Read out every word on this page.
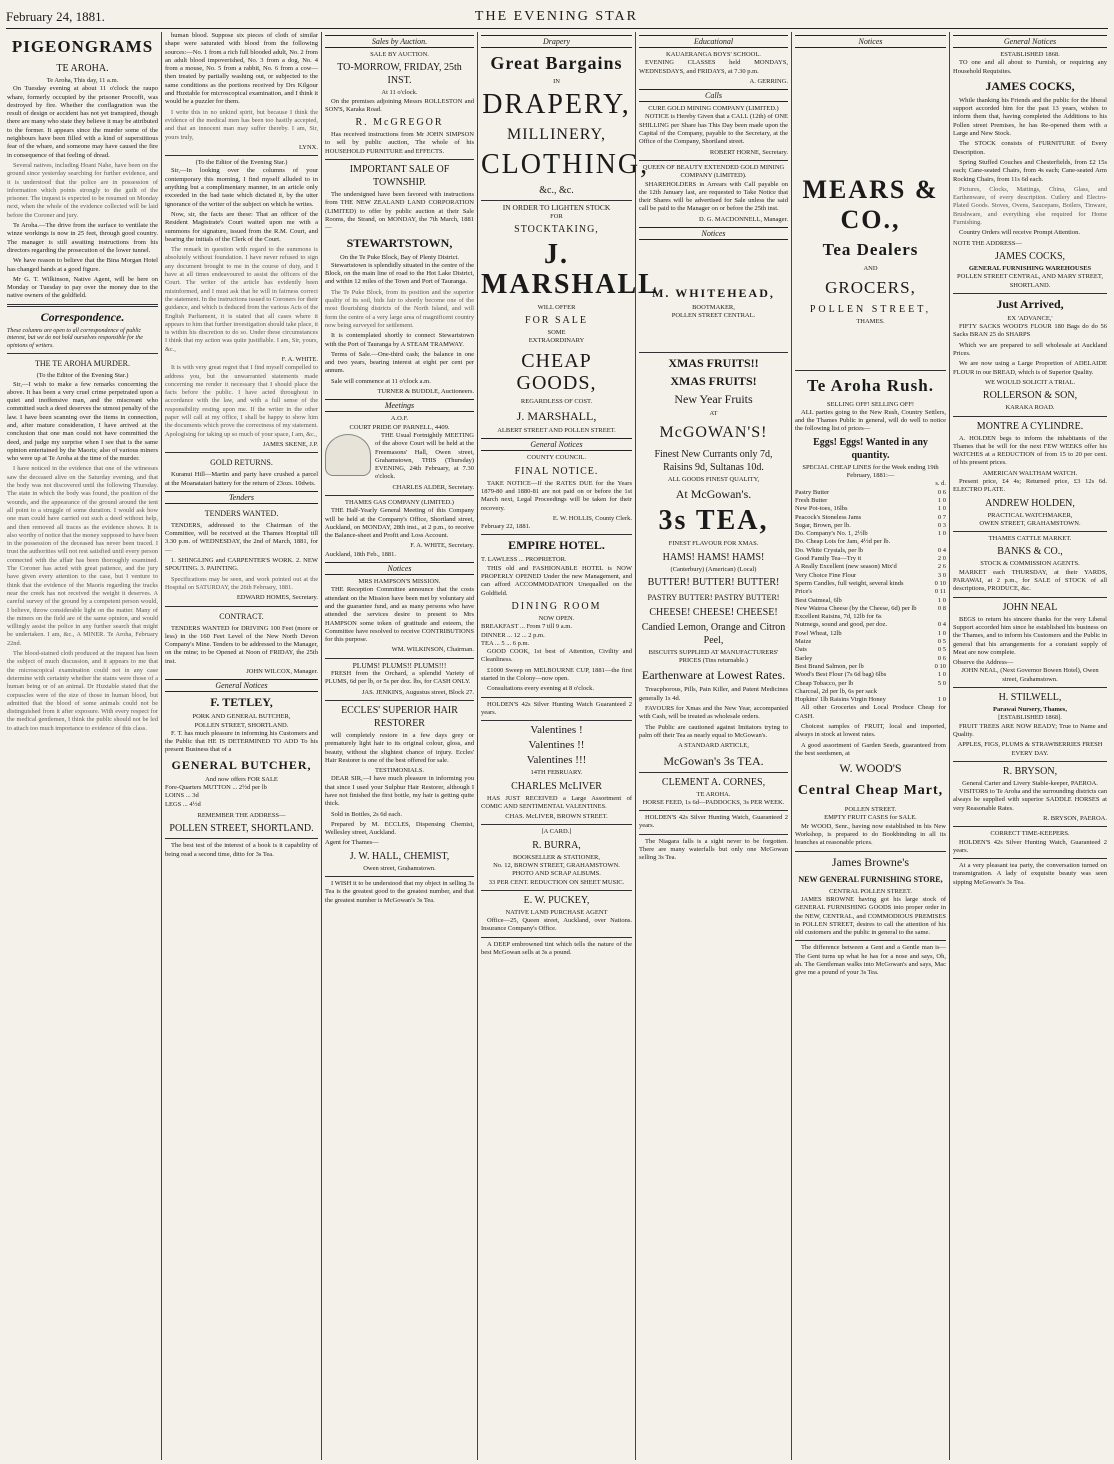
February 24, 1881.	THE EVENING STAR
PIGEONGRAMS
TE AROHA.
Te Aroha, This day, 11 a.m.

On Tuesday evening at about 11 o'clock the raupo whare, formerly occupied by the prisoner Procoffi, was destroyed by fire. Whether the conflagration was the result of design or accident has not yet transpired, though there are many who state they believe it may be attributed to the former. It appears since the murder some of the neighbours have been filled with a kind of superstitious fear of the whare, and someone may have caused the fire in consequence of that feeling of dread.

Several natives, including Hoani Nahe, have been on the ground since yesterday searching for further evidence, and it is understood that the police are in possession of information which points strongly to the guilt of the prisoner. The inquest is expected to be resumed on Monday next, when the whole of the evidence collected will be laid before the Coroner and jury.

Te Aroha.—The drive from the surface to ventilate the winze workings is now in 25 feet, through good country. The manager is still awaiting instructions from his directors regarding the prosecution of the lower tunnel.

We have reason to believe that the Bina Morgan Hotel has changed hands at a good figure.

Mr G. T. Wilkinson, Native Agent, will be here on Monday or Tuesday to pay over the money due to the native owners of the goldfield.

Correspondence.
These columns are open to all correspondence of public interest, but we do not hold ourselves responsible for the opinions of writers.
THE TE AROHA MURDER.
(To the Editor of the Evening Star.)

Sir,—I wish to make a few remarks concerning the above. It has been a very cruel crime perpetrated upon a quiet and inoffensive man, and the miscreant who committed such a deed deserves the utmost penalty of the law. I have been scanning over the items in connection, and, after mature consideration, I have arrived at the conclusion that one man could not have committed the deed, and judge my surprise when I see that is the same opinion entertained by the Maoris; also of various miners who were up at Te Aroha at the time of the murder.

I have noticed in the evidence that one of the witnesses saw the deceased alive on the Saturday evening, and that the body was not discovered until the following Thursday. The state in which the body was found, the position of the wounds, and the appearance of the ground around the tent all point to a struggle of some duration. I would ask how one man could have carried out such a deed without help, and then removed all traces as the evidence shows. It is also worthy of notice that the money supposed to have been in the possession of the deceased has never been traced. I trust the authorities will not rest satisfied until every person connected with the affair has been thoroughly examined. The Coroner has acted with great patience, and the jury have given every attention to the case, but I venture to think that the evidence of the Maoris regarding the tracks near the creek has not received the weight it deserves. A careful survey of the ground by a competent person would, I believe, throw considerable light on the matter. Many of the miners on the field are of the same opinion, and would willingly assist the police in any further search that might be undertaken. I am, &c., A MINER. Te Aroha, February 22nd.

The blood-stained cloth produced at the inquest has been the subject of much discussion, and it appears to me that the microscopical examination could not in any case determine with certainty whether the stains were those of a human being or of an animal. Dr Huxtable stated that the corpuscles were of the size of those in human blood, but admitted that the blood of some animals could not be distinguished from it after exposure. With every respect for the medical gentlemen, I think the public should not be led to attach too much importance to evidence of this class.

human blood. Suppose six pieces of cloth of similar shape were saturated with blood from the following sources:—No. 1 from a rich full blooded adult, No. 2 from an adult blood impoverished, No. 3 from a dog, No. 4 from a mouse, No. 5 from a rabbit, No. 6 from a cow—then treated by partially washing out, or subjected to the same conditions as the portions received by Drs Kilgour and Huxtable for microscopical examination, and I think it would be a puzzler for them.

I write this in no unkind spirit, but because I think the evidence of the medical men has been too hastily accepted, and that an innocent man may suffer thereby. I am, Sir, yours truly,

LYNX.
(To the Editor of the Evening Star.)

Sir,—In looking over the columns of your contemporary this morning, I find myself alluded to in anything but a complimentary manner, in an article only exceeded in the bad taste which dictated it, by the utter ignorance of the writer of the subject on which he writes.

Now, sir, the facts are these: That an officer of the Resident Magistrate's Court waited upon me with a summons for signature, issued from the R.M. Court, and bearing the initials of the Clerk of the Court.

The remark in question with regard to the summons is absolutely without foundation. I have never refused to sign any document brought to me in the course of duty, and I have at all times endeavoured to assist the officers of the Court. The writer of the article has evidently been misinformed, and I must ask that he will in fairness correct the statement. In the instructions issued to Coroners for their guidance, and which is deduced from the various Acts of the English Parliament, it is stated that all cases where it appears to him that further investigation should take place, it is within his discretion to do so. Under these circumstances I think that my action was quite justifiable. I am, Sir, yours, &c.,

F. A. WHITE.

It is with very great regret that I find myself compelled to address you, but the unwarranted statements made concerning me render it necessary that I should place the facts before the public. I have acted throughout in accordance with the law, and with a full sense of the responsibility resting upon me. If the writer in the other paper will call at my office, I shall be happy to show him the documents which prove the correctness of my statement. Apologising for taking up so much of your space, I am, &c.,

JAMES SKENE, J.P.
GOLD RETURNS.

Kuranui Hill—Martin and party have crushed a parcel at the Moanataiari battery for the return of 23ozs. 10dwts.

Tenders
TENDERS WANTED.

TENDERS, addressed to the Chairman of the Committee, will be received at the Thames Hospital till 3.30 p.m. of WEDNESDAY, the 2nd of March, 1881, for—

1. SHINGLING and CARPENTER'S WORK. 2. NEW SPOUTING. 3. PAINTING.

Specifications may be seen, and work pointed out at the Hospital on SATURDAY, the 26th February, 1881.

EDWARD HOMES, Secretary.
CONTRACT.

TENDERS WANTED for DRIVING 100 Feet (more or less) in the 160 Feet Level of the New North Devon Company's Mine. Tenders to be addressed to the Manager, on the mine; to be Opened at Noon of FRIDAY, the 25th inst.

JOHN WILCOX, Manager.
General Notices
F. TETLEY,
PORK AND GENERAL BUTCHER,
POLLEN STREET, SHORTLAND.

F. T. has much pleasure in informing his Customers and the Public that HE IS DETERMINED TO ADD To his present Business that of a

GENERAL BUTCHER,
And now offers FOR SALE
Fore-Quarters MUTTON ... 2½d per lb
LOINS ... 3d
LEGS ... 4½d
REMEMBER THE ADDRESS—
POLLEN STREET, SHORTLAND.

The best test of the interest of a book is it capability of being read a second time, ditto for 3s Tea.

Sales by Auction.
SALE BY AUCTION.
TO-MORROW, FRIDAY, 25th INST.
At 11 o'clock.

On the premises adjoining Messrs ROLLESTON and SON'S, Karaka Road.

R. McGREGOR

Has received instructions from Mr JOHN SIMPSON to sell by public auction, The whole of his HOUSEHOLD FURNITURE and EFFECTS.

IMPORTANT SALE OF TOWNSHIP.

The undersigned have been favored with instructions from THE NEW ZEALAND LAND CORPORATION (LIMITED) to offer by public auction at their Sale Rooms, the Strand, on MONDAY, the 7th March, 1881—

STEWARTSTOWN,
On the Te Puke Block, Bay of Plenty District.

Stewartstown is splendidly situated in the centre of the Block, on the main line of road to the Hot Lake District, and within 12 miles of the Town and Port of Tauranga.

The Te Puke Block, from its position and the superior quality of its soil, bids fair to shortly become one of the most flourishing districts of the North Island, and will form the centre of a very large area of magnificent country now being surveyed for settlement.

It is contemplated shortly to connect Stewartstown with the Port of Tauranga by A STEAM TRAMWAY.

Terms of Sale.—One-third cash; the balance in one and two years, bearing interest at eight per cent per annum.

Sale will commence at 11 o'clock a.m.

TURNER & BUDDLE, Auctioneers.
Meetings
A.O.F.
COURT PRIDE OF PARNELL, 4409.

THE Usual Fortnightly MEETING of the above Court will be held at the Freemasons' Hall, Owen street, Grahamstown, THIS (Thursday) EVENING, 24th February, at 7.30 o'clock.

CHARLES ALDER, Secretary.
THAMES GAS COMPANY (LIMITED.)

THE Half-Yearly General Meeting of this Company will be held at the Company's Office, Shortland street, Auckland, on MONDAY, 28th inst., at 2 p.m., to receive the Balance-sheet and Profit and Loss Account.

F. A. WHITE, Secretary.
Auckland, 18th Feb., 1881.
Notices
MRS HAMPSON'S MISSION.

THE Reception Committee announce that the costs attendant on the Mission have been met by voluntary aid and the guarantee fund, and as many persons who have attended the services desire to present to Mrs HAMPSON some token of gratitude and esteem, the Committee have resolved to receive CONTRIBUTIONS for this purpose.

WM. WILKINSON, Chairman.
PLUMS! PLUMS!! PLUMS!!!

FRESH from the Orchard, a splendid Variety of PLUMS, 6d per lb, or 5s per doz. lbs, for CASH ONLY.

JAS. JENKINS, Augustus street, Block 27.
ECCLES' SUPERIOR HAIR RESTORER

will completely restore in a few days grey or prematurely light hair to its original colour, gloss, and beauty, without the slightest chance of injury. Eccles' Hair Restorer is one of the best offered for sale.

TESTIMONIALS.

DEAR SIR,—I have much pleasure in informing you that since I used your Sulphur Hair Restorer, although I have not finished the first bottle, my hair is getting quite thick.

Sold in Bottles, 2s 6d each.

Prepared by M. ECCLES, Dispensing Chemist, Wellesley street, Auckland.

Agent for Thames—
J. W. HALL, CHEMIST,
Owen street, Grahamstown.

I WISH it to be understood that my object in selling 3s Tea is the greatest good to the greatest number, and that the greatest number is McGowan's 3s Tea.

Drapery
Great Bargains
IN
DRAPERY,
MILLINERY,
CLOTHING,
&c., &c.
IN ORDER TO LIGHTEN STOCK
FOR
STOCKTAKING,
J. MARSHALL
WILL OFFER
FOR SALE
SOME
EXTRAORDINARY
CHEAP GOODS,
REGARDLESS OF COST.
J. MARSHALL,
ALBERT STREET AND POLLEN STREET.
General Notices
COUNTY COUNCIL.
FINAL NOTICE.

TAKE NOTICE—If the RATES DUE for the Years 1879-80 and 1880-81 are not paid on or before the 1st March next, Legal Proceedings will be taken for their recovery.

E. W. HOLLIS, County Clerk.
February 22, 1881.
EMPIRE HOTEL.
T. LAWLESS ... PROPRIETOR.

THIS old and FASHIONABLE HOTEL is NOW PROPERLY OPENED Under the new Management, and can afford ACCOMMODATION Unequalled on the Goldfield.

DINING ROOM
NOW OPEN.
BREAKFAST ... From 7 till 9 a.m.
DINNER ... 12 ... 2 p.m.
TEA ... 5 ... 6 p.m.

GOOD COOK, 1st best of Attention, Civility and Cleanliness.

£1000 Sweep on MELBOURNE CUP, 1881—the first started in the Colony—now open.

Consultations every evening at 8 o'clock.

HOLDEN'S 42s Silver Hunting Watch Guaranteed 2 years.

Valentines !
Valentines !!
Valentines !!!
14TH FEBRUARY.
CHARLES McLIVER

HAS JUST RECEIVED a Large Assortment of COMIC AND SENTIMENTAL VALENTINES.

CHAS. McLIVER, BROWN STREET.
[A CARD.]
R. BURRA,
BOOKSELLER & STATIONER,
No. 12, BROWN STREET, GRAHAMSTOWN.
PHOTO AND SCRAP ALBUMS.
33 PER CENT. REDUCTION ON SHEET MUSIC.
E. W. PUCKEY,
NATIVE LAND PURCHASE AGENT

Office—25, Queen street, Auckland, over Nations. Insurance Company's Office.

A DEEP embrowned tint which tells the nature of the best McGowan sells at 3s a pound.

Educational
KAUAERANGA BOYS' SCHOOL.

EVENING CLASSES held MONDAYS, WEDNESDAYS, and FRIDAYS, at 7.30 p.m.

A. GERRING.
Calls
CURE GOLD MINING COMPANY (LIMITED.)

NOTICE is Hereby Given that a CALL (12th) of ONE SHILLING per Share has This Day been made upon the Capital of the Company, payable to the Secretary, at the Office of the Company, Shortland street.

ROBERT HORNE, Secretary.
QUEEN OF BEAUTY EXTENDED GOLD MINING COMPANY (LIMITED).

SHAREHOLDERS in Arrears with Call payable on the 12th January last, are requested to Take Notice that their Shares will be advertised for Sale unless the said call be paid to the Manager on or before the 25th inst.

D. G. MACDONNELL, Manager.
Notices
M. WHITEHEAD,
BOOTMAKER,
POLLEN STREET CENTRAL.
XMAS FRUITS!!
XMAS FRUITS!
New Year Fruits
AT
McGOWAN'S!
Finest New Currants only 7d, Raisins 9d, Sultanas 10d.
ALL GOODS FINEST QUALITY,
At McGowan's.
3s TEA,
FINEST FLAVOUR FOR XMAS.
HAMS! HAMS! HAMS!
(Canterbury) (American) (Local)
BUTTER! BUTTER! BUTTER!
PASTRY BUTTER! PASTRY BUTTER!
CHEESE! CHEESE! CHEESE!
Candied Lemon, Orange and Citron Peel,
BISCUITS SUPPLIED AT MANUFACTURERS' PRICES (Tins returnable.)
Earthenware at Lowest Rates.

Treacphorous, Pills, Pain Killer, and Patent Medicines generally 1s 4d.

FAVOURS for Xmas and the New Year, accompanied with Cash, will be treated as wholesale orders.

The Public are cautioned against Imitators trying to palm off their Tea as nearly equal to McGowan's.

A STANDARD ARTICLE,
McGowan's 3s TEA.
CLEMENT A. CORNES,
TE AROHA.
HORSE FEED, 1s 6d—PADDOCKS, 3s PER WEEK.

HOLDEN'S 42s Silver Hunting Watch, Guaranteed 2 years.

The Niagara falls is a sight never to be forgotten. There are many waterfalls but only one McGowan selling 3s Tea.

Notices
MEARS & CO.,
Tea Dealers
AND
GROCERS,
POLLEN STREET,
THAMES.
Te Aroha Rush.
SELLING OFF! SELLING OFF!

ALL parties going to the New Rush, Country Settlers, and the Thames Public in general, will do well to notice the following list of prices—

Eggs! Eggs! Wanted in any quantity.
SPECIAL CHEAP LINES for the Week ending 19th February, 1881:—
s. d.
Pastry Butter	0 6
Fresh Butter	1 0
New Pot-toes, 16lbs	1 0
Peacock's Stoneless Jams	0 7
Sugar, Brown, per lb.	0 3
Do. Company's No. 1, 2½lb	1 0
Do. Cheap Lots for Jam, 4½d per lb.
Do. White Crystals, per lb	0 4
Good Family Tea—Try it	2 0
A Really Excellent (new season) Mix'd	2 6
Very Choice Fine Flour	3 0
Sperm Candles, full weight, several kinds	0 10
Price's	0 11
Best Oatmeal, 6lb	1 0
New Wairoa Cheese (by the Cheese, 6d) per lb	0 8
Excellent Raisins, 7d, 12lb for 6s
Nutmegs, sound and good, per doz.	0 4
Fowl Wheat, 12lb	1 0
Maize	0 5
Oats	0 5
Barley	0 6
Best Brand Salmon, per lb	0 10
Wood's Best Flour (7s 6d bag) 6lbs	1 0
Cheap Tobacco, per lb	5 0
Charcoal, 2d per lb, 6s per sack
Hopkins' 1lb Raisins Virgin Honey	1 0

All other Groceries and Local Produce Cheap for CASH.

Choicest samples of FRUIT, local and imported, always in stock at lowest rates.

A good assortment of Garden Seeds, guaranteed from the best seedsmen, at

W. WOOD'S
Central Cheap Mart,
POLLEN STREET.
EMPTY FRUIT CASES for SALE.

Mr WOOD, Senr., having now established in his New Workshop, is prepared to do Bookbinding in all its branches at reasonable prices.

James Browne's
NEW GENERAL FURNISHING STORE,
CENTRAL POLLEN STREET.

JAMES BROWNE having got his large stock of GENERAL FURNISHING GOODS into proper order in the NEW, CENTRAL, and COMMODIOUS PREMISES in POLLEN STREET, desires to call the attention of his old customers and the public in general to the same.

The difference between a Gent and a Gentle man is—The Gent turns up what he has for a nose and says, Oh, ah. The Gentleman walks into McGowan's and says, Mac give me a pound of your 3s Tea.

General Notices
ESTABLISHED 1868.

TO one and all about to Furnish, or requiring any Household Requisites.

JAMES COCKS,

While thanking his Friends and the public for the liberal support accorded him for the past 13 years, wishes to inform them that, having completed the Additions to his Pollen street Premises, he has Re-opened them with a Large and New Stock.

The STOCK consists of FURNITURE of Every Description.

Spring Stuffed Couches and Chesterfields, from £2 15s each; Cane-seated Chairs, from 4s each; Cane-seated Arm Rocking Chairs, from 11s 6d each.

Pictures, Clocks, Mattings, China, Glass, and Earthenware, of every description. Cutlery and Electro-Plated Goods. Stoves, Ovens, Saucepans, Boilers, Tinware, Brushware, and everything else required for Home Furnishing.

Country Orders will receive Prompt Attention.

NOTE THE ADDRESS—
JAMES COCKS,
GENERAL FURNISHING WAREHOUSES
POLLEN STREET CENTRAL, AND MARY STREET, SHORTLAND.
Just Arrived,
EX 'ADVANCE,'

FIFTY SACKS WOOD'S FLOUR 180 Bags do do 56 Sacks BRAN 25 do SHARPS

Which we are prepared to sell wholesale at Auckland Prices.

We are now using a Large Proportion of ADELAIDE FLOUR in our BREAD, which is of Superior Quality.

WE WOULD SOLICIT A TRIAL.
ROLLERSON & SON,
KARAKA ROAD.
MONTRE A CYLINDRE.

A. HOLDEN begs to inform the inhabitants of the Thames that he will for the next FEW WEEKS offer his WATCHES at a REDUCTION of from 15 to 20 per cent. of his present prices.

AMERICAN WALTHAM WATCH.

Present price, £4 4s; Returned price, £3 12s 6d. ELECTRO PLATE.

ANDREW HOLDEN,
PRACTICAL WATCHMAKER,
OWEN STREET, GRAHAMSTOWN.
THAMES CATTLE MARKET.
BANKS & CO.,
STOCK & COMMISSION AGENTS.

MARKET each THURSDAY, at their YARDS, PARAWAI, at 2 p.m., for SALE of STOCK of all descriptions, PRODUCE, &c.

JOHN NEAL

BEGS to return his sincere thanks for the very Liberal Support accorded him since he established his business on the Thames, and to inform his Customers and the Public in general that his arrangements for a constant supply of Meat are now complete.

Observe the Address—
JOHN NEAL, (Next Governor Bowen Hotel), Owen street, Grahamstown.
H. STILWELL,
Parawai Nursery, Thames,
[ESTABLISHED 1868].

FRUIT TREES ARE NOW READY; True to Name and Quality.

APPLES, FIGS, PLUMS & STRAWBERRIES FRESH EVERY DAY.
R. BRYSON,
General Carter and Livery Stable-keeper, PAEROA.

VISITORS to Te Aroha and the surrounding districts can always be supplied with superior SADDLE HORSES at very Reasonable Rates.

R. BRYSON, PAEROA.
CORRECT TIME-KEEPERS.

HOLDEN'S 42s Silver Hunting Watch, Guaranteed 2 years.

At a very pleasant tea party, the conversation turned on transmigration. A lady of exquisite beauty was seen sipping McGowan's 3s Tea.
